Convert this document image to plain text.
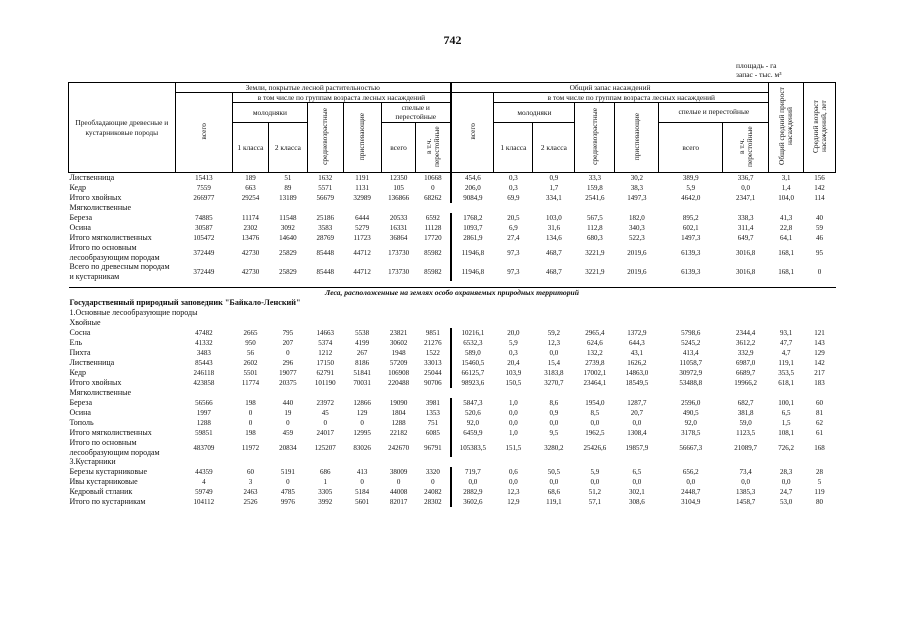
742
площадь - га
запас - тыс. м³
Преобладающие древесные и кустарниковые породы	Земли, покрытые лесной растительностью							Общий запас насаждений							Общий средний прирост насаждений	Средний возраст насаждений, лет
	всего	в том числе по группам возраста лесных насаждений						всего	в том числе по группам возраста лесных насаждений							
		молодняки		средневозрастные	приспевающие	спелые и перестойные			молодняки		средневозрастные	приспевающие	спелые и перестойные			
		1 класса	2 класса			всего	в т.ч. перестойные		1 класса	2 класса			всего	в т.ч. перестойные		
Лиственница	15413	189	51	1632	1191	12350	10668	454,6	0,3	0,9	33,3	30,2	389,9	336,7	3,1	156
Кедр	7559	663	89	5571	1131	105	0	206,0	0,3	1,7	159,8	38,3	5,9	0,0	1,4	142
Итого хвойных	266977	29254	13189	56679	32989	136866	68262	9084,9	69,9	334,1	2541,6	1497,3	4642,0	2347,1	104,0	114
Мягколиственные																
Береза	74885	11174	11548	25186	6444	20533	6592	1768,2	20,5	103,0	567,5	182,0	895,2	338,3	41,3	40
Осина	30587	2302	3092	3583	5279	16331	11128	1093,7	6,9	31,6	112,8	340,3	602,1	311,4	22,8	59
Итого мягколиственных	105472	13476	14640	28769	11723	36864	17720	2861,9	27,4	134,6	680,3	522,3	1497,3	649,7	64,1	46
Итого по основным лесообразующим породам	372449	42730	25829	85448	44712	173730	85982	11946,8	97,3	468,7	3221,9	2019,6	6139,3	3016,8	168,1	95
Всего по древесным породам и кустарникам	372449	42730	25829	85448	44712	173730	85982	11946,8	97,3	468,7	3221,9	2019,6	6139,3	3016,8	168,1	0

Леса, расположенные на землях особо охраняемых природных территорий																
Государственный природный заповедник "Байкало-Ленский"																
1.Основные лесообразующие породы																
Хвойные																
Сосна	47482	2665	795	14663	5538	23821	9851	10216,1	20,0	59,2	2965,4	1372,9	5798,6	2344,4	93,1	121
Ель	41332	950	207	5374	4199	30602	21276	6532,3	5,9	12,3	624,6	644,3	5245,2	3612,2	47,7	143
Пихта	3483	56	0	1212	267	1948	1522	589,0	0,3	0,0	132,2	43,1	413,4	332,9	4,7	129
Лиственница	85443	2602	296	17150	8186	57209	33013	15460,5	20,4	15,4	2739,8	1626,2	11058,7	6987,0	119,1	142
Кедр	246118	5501	19077	62791	51841	106908	25044	66125,7	103,9	3183,8	17002,1	14863,0	30972,9	6689,7	353,5	217
Итого хвойных	423858	11774	20375	101190	70031	220488	90706	98923,6	150,5	3270,7	23464,1	18549,5	53488,8	19966,2	618,1	183
Мягколиственные																
Береза	56566	198	440	23972	12866	19090	3981	5847,3	1,0	8,6	1954,0	1287,7	2596,0	682,7	100,1	60
Осина	1997	0	19	45	129	1804	1353	520,6	0,0	0,9	8,5	20,7	490,5	381,8	6,5	81
Тополь	1288	0	0	0	0	1288	751	92,0	0,0	0,0	0,0	0,0	92,0	59,0	1,5	62
Итого мягколиственных	59851	198	459	24017	12995	22182	6085	6459,9	1,0	9,5	1962,5	1308,4	3178,5	1123,5	108,1	61
Итого по основным лесообразующим породам	483709	11972	20834	125207	83026	242670	96791	105383,5	151,5	3280,2	25426,6	19857,9	56667,3	21089,7	726,2	168
3.Кустарники																
Березы кустарниковые	44359	60	5191	686	413	38009	3320	719,7	0,6	50,5	5,9	6,5	656,2	73,4	28,3	28
Ивы кустарниковые	4	3	0	1	0	0	0	0,0	0,0	0,0	0,0	0,0	0,0	0,0	0,0	5
Кедровый стланик	59749	2463	4785	3305	5184	44008	24082	2882,9	12,3	68,6	51,2	302,1	2448,7	1385,3	24,7	119
Итого по кустарникам	104112	2526	9976	3992	5601	82017	28302	3602,6	12,9	119,1	57,1	308,6	3104,9	1458,7	53,0	80
